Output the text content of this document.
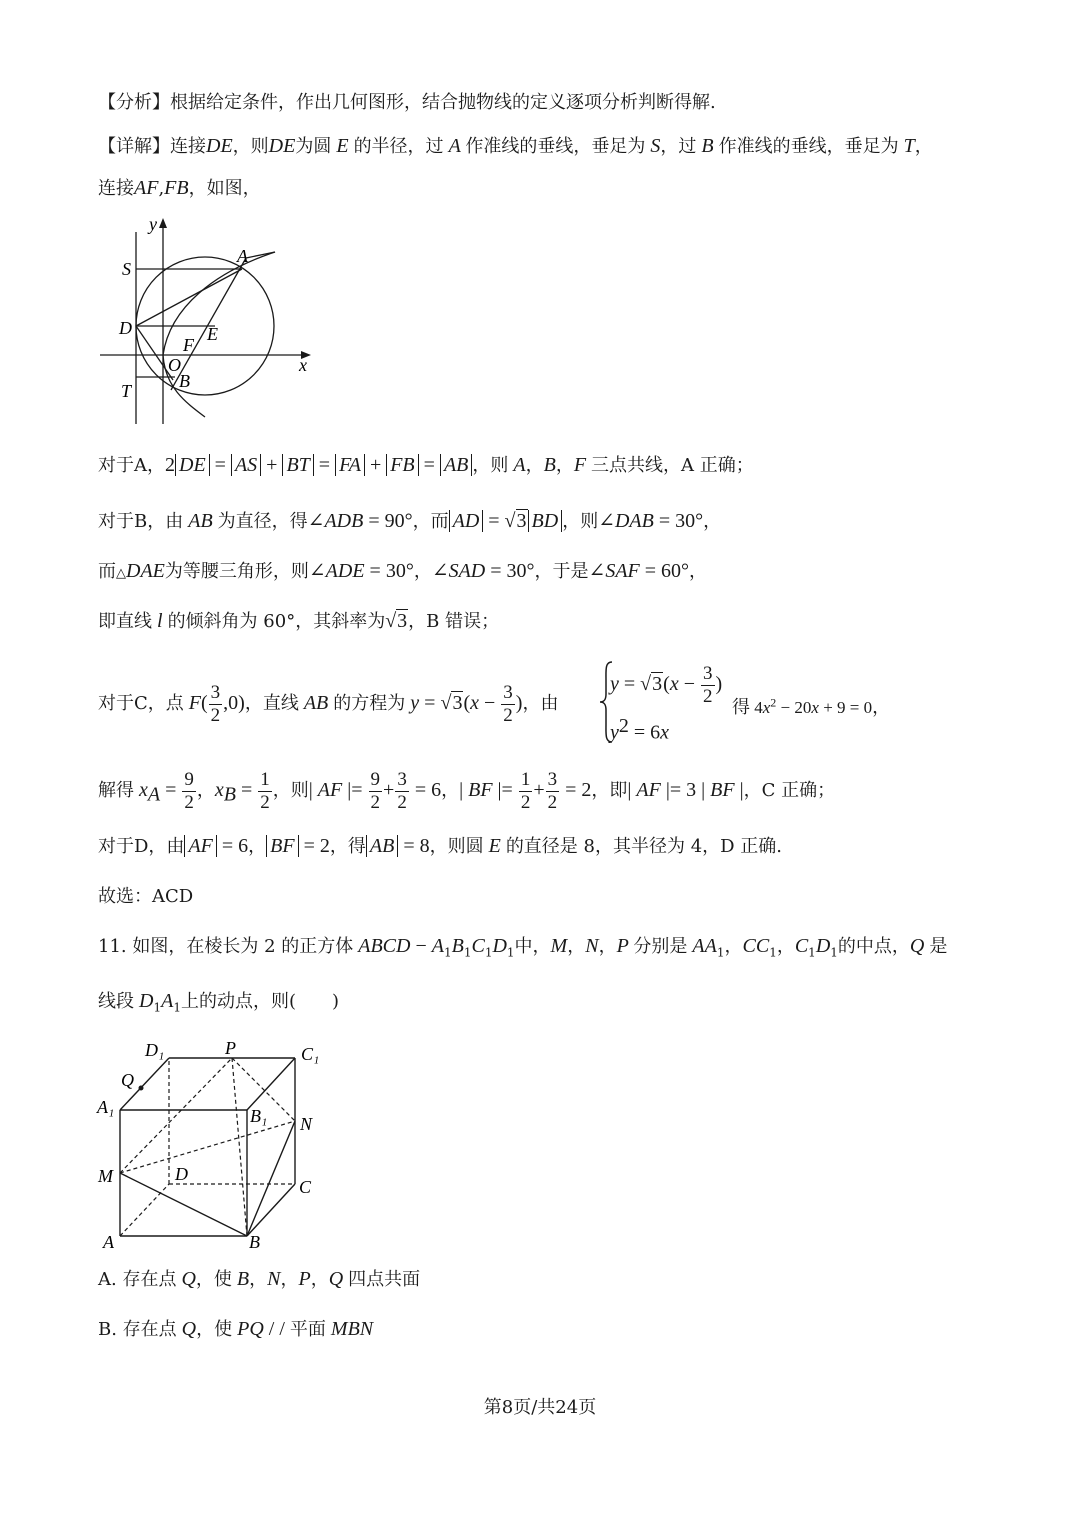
【分析】根据给定条件，作出几何图形，结合抛物线的定义逐项分析判断得解.
【详解】连接DE，则DE为圆 E 的半径，过 A 作准线的垂线，垂足为 S，过 B 作准线的垂线，垂足为 T，
连接AF,FB，如图，
y
S
A
D	E
F
O
B
x
T
对于A，2 DE = AS + BT = FA + FB = AB ，则 A，B，F 三点共线，A 正确；
对于B，由 AB 为直径，得∠ADB = 90°，而 AD = √3 BD ，则∠DAB = 30°，
而△DAE为等腰三角形，则∠ADE = 30°，∠SAD = 30°，于是∠SAF = 60°，
即直线 l 的倾斜角为 60°，其斜率为√3，B 错误；
对于C，点 $F( \frac{3}{2} ,0)$，直线 AB 的方程为 $y = √3(x - \frac{3}{2}$ )，由
$y = √3(x - \frac{3}{2}$ )
$y^2 = 6x$
得 $4x^2 - 20x + 9 = 0$，
解得 $x_A = \frac{9}{2}$ ，$x_B = \frac{1}{2}$ ，则| AF |= $\frac{9}{2} + \frac{3}{2} = 6$，| BF |= $\frac{1}{2} + \frac{3}{2} = 2$，即| AF |= 3 | BF |，C 正确；
对于D，由 AF = 6， BF = 2，得 AB = 8，则圆 E 的直径是 8，其半径为 4，D 正确.
故选：ACD
11. 如图，在棱长为 2 的正方体 ABCD − $A_1B_1C_1D_1$中，M，N，P 分别是 $AA_1$，$CC_1$，$C_1D_1$的中点，Q 是
线段 $D_1A_1$上的动点，则(　　)
D₁	P	C₁
Q
A₁	B₁ N
M	D
C
A	B
A. 存在点 Q，使 B，N，P，Q 四点共面
B. 存在点 Q，使 PQ / / 平面 MBN
第8页/共24页
